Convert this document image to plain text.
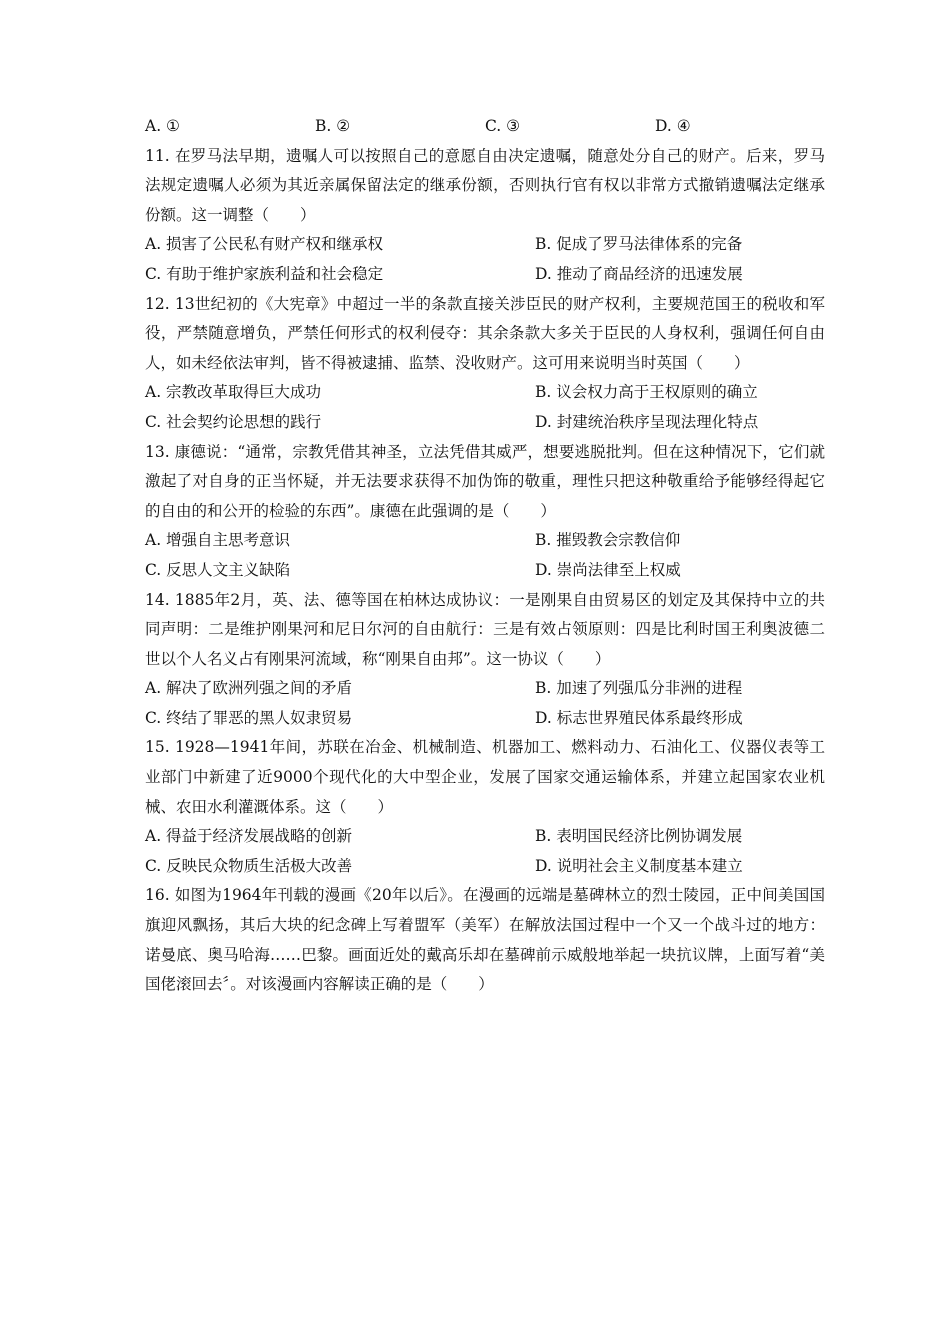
A. ①	B. ②	C. ③	D. ④
11. 在罗马法早期，遗嘱人可以按照自己的意愿自由决定遗嘱，随意处分自己的财产。后来，罗马法规定遗嘱人必须为其近亲属保留法定的继承份额，否则执行官有权以非常方式撤销遗嘱法定继承份额。这一调整（　　）
A. 损害了公民私有财产权和继承权	B. 促成了罗马法律体系的完备
C. 有助于维护家族利益和社会稳定	D. 推动了商品经济的迅速发展
12. 13世纪初的《大宪章》中超过一半的条款直接关涉臣民的财产权利，主要规范国王的税收和军役，严禁随意增负，严禁任何形式的权利侵夺：其余条款大多关于臣民的人身权利，强调任何自由人，如未经依法审判，皆不得被逮捕、监禁、没收财产。这可用来说明当时英国（　　）
A. 宗教改革取得巨大成功	B. 议会权力高于王权原则的确立
C. 社会契约论思想的践行	D. 封建统治秩序呈现法理化特点
13. 康德说：“通常，宗教凭借其神圣，立法凭借其威严，想要逃脱批判。但在这种情况下，它们就激起了对自身的正当怀疑，并无法要求获得不加伪饰的敬重，理性只把这种敬重给予能够经得起它的自由的和公开的检验的东西”。康德在此强调的是（　　）
A. 增强自主思考意识	B. 摧毁教会宗教信仰
C. 反思人文主义缺陷	D. 崇尚法律至上权威
14. 1885年2月，英、法、德等国在柏林达成协议：一是刚果自由贸易区的划定及其保持中立的共同声明：二是维护刚果河和尼日尔河的自由航行：三是有效占领原则：四是比利时国王利奥波德二世以个人名义占有刚果河流域，称“刚果自由邦”。这一协议（　　）
A. 解决了欧洲列强之间的矛盾	B. 加速了列强瓜分非洲的进程
C. 终结了罪恶的黑人奴隶贸易	D. 标志世界殖民体系最终形成
15. 1928—1941年间，苏联在冶金、机械制造、机器加工、燃料动力、石油化工、仪器仪表等工业部门中新建了近9000个现代化的大中型企业，发展了国家交通运输体系，并建立起国家农业机械、农田水利灌溉体系。这（　　）
A. 得益于经济发展战略的创新	B. 表明国民经济比例协调发展
C. 反映民众物质生活极大改善	D. 说明社会主义制度基本建立
16. 如图为1964年刊载的漫画《20年以后》。在漫画的远端是墓碑林立的烈士陵园，正中间美国国旗迎风飘扬，其后大块的纪念碑上写着盟军（美军）在解放法国过程中一个又一个战斗过的地方：诺曼底、奥马哈海……巴黎。画面近处的戴高乐却在墓碑前示威般地举起一块抗议牌，上面写着“美国佬滚回去〞。对该漫画内容解读正确的是（　　）
